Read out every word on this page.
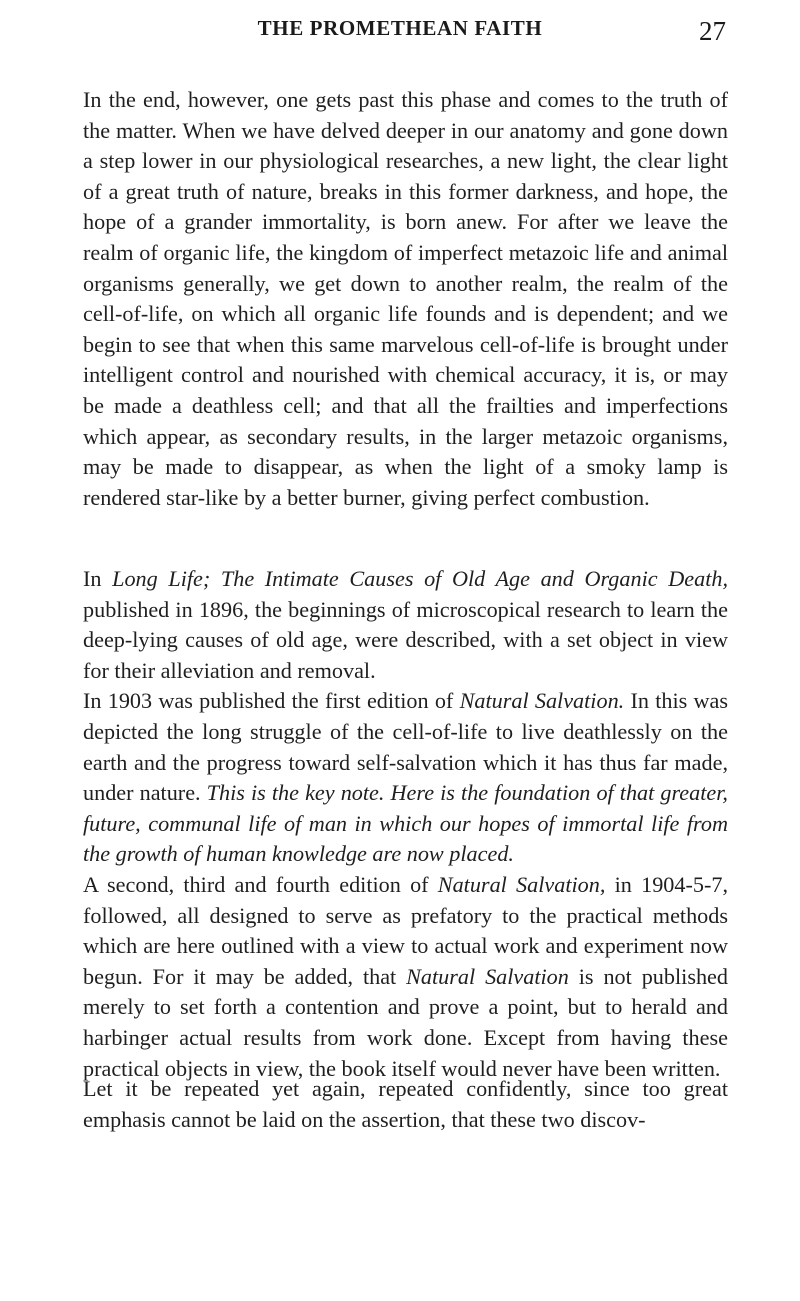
THE PROMETHEAN FAITH	27

In the end, however, one gets past this phase and comes to the truth of the matter. When we have delved deeper in our anatomy and gone down a step lower in our physiological researches, a new light, the clear light of a great truth of nature, breaks in this former darkness, and hope, the hope of a grander immortality, is born anew. For after we leave the realm of organic life, the kingdom of imperfect metazoic life and animal organisms generally, we get down to another realm, the realm of the cell-of-life, on which all organic life founds and is dependent; and we begin to see that when this same marvelous cell-of-life is brought under intelligent control and nourished with chemical accuracy, it is, or may be made a deathless cell; and that all the frailties and imperfections which appear, as secondary results, in the larger metazoic organisms, may be made to disappear, as when the light of a smoky lamp is rendered star-like by a better burner, giving perfect combustion.

In Long Life; The Intimate Causes of Old Age and Organic Death, published in 1896, the beginnings of microscopical research to learn the deep-lying causes of old age, were described, with a set object in view for their alleviation and removal.

In 1903 was published the first edition of Natural Salvation. In this was depicted the long struggle of the cell-of-life to live deathlessly on the earth and the progress toward self-salvation which it has thus far made, under nature. This is the key note. Here is the foundation of that greater, future, communal life of man in which our hopes of immortal life from the growth of human knowledge are now placed.

A second, third and fourth edition of Natural Salvation, in 1904-5-7, followed, all designed to serve as prefatory to the practical methods which are here outlined with a view to actual work and experiment now begun. For it may be added, that Natural Salvation is not published merely to set forth a contention and prove a point, but to herald and harbinger actual results from work done. Except from having these practical objects in view, the book itself would never have been written.

Let it be repeated yet again, repeated confidently, since too great emphasis cannot be laid on the assertion, that these two discov-
